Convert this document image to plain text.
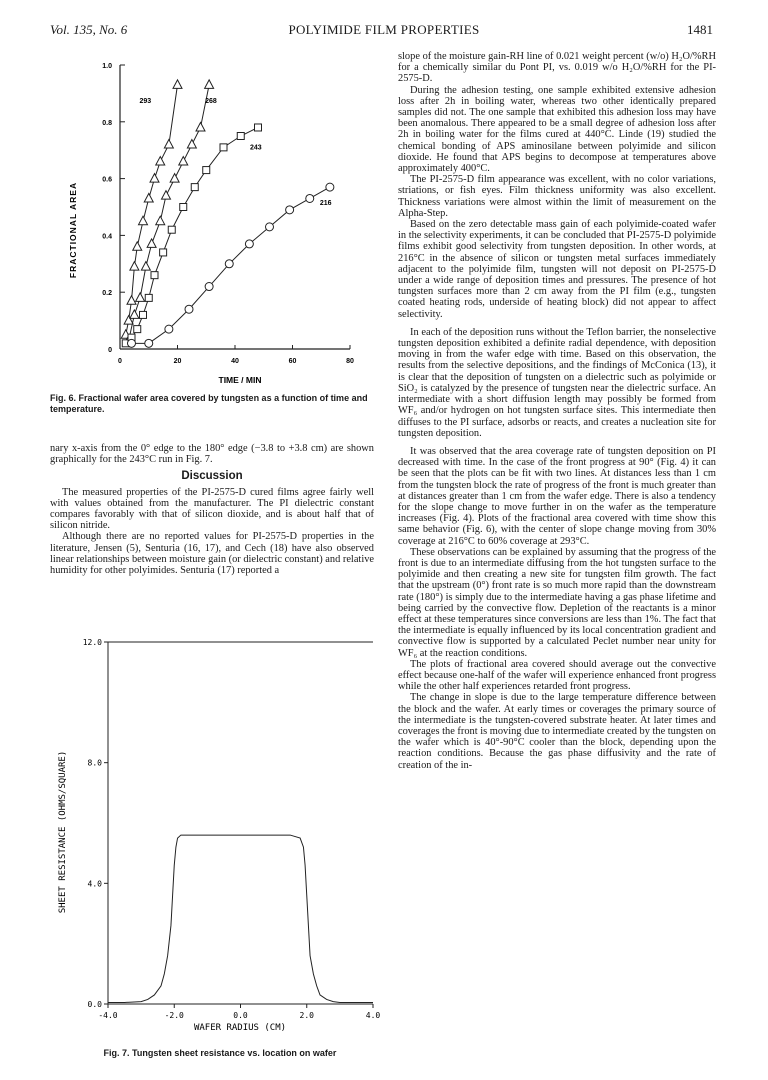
Vol. 135, No. 6	POLYIMIDE FILM PROPERTIES	1481
0
0.2
0.4
0.6
0.8
1.0
0	20	40	60	80
293	268
243
216
FRACTIONAL AREA
TIME / MIN
Fig. 6. Fractional wafer area covered by tungsten as a function of time and temperature.

nary x-axis from the 0° edge to the 180° edge (−3.8 to +3.8 cm) are shown graphically for the 243°C run in Fig. 7.

Discussion

The measured properties of the PI-2575-D cured films agree fairly well with values obtained from the manufacturer. The PI dielectric constant compares favorably with that of silicon dioxide, and is about half that of silicon nitride.

Although there are no reported values for PI-2575-D properties in the literature, Jensen (5), Senturia (16, 17), and Cech (18) have also observed linear relationships between moisture gain (or dielectric constant) and relative humidity for other polyimides. Senturia (17) reported a

0.0
4.0
8.0
12.0
-4.0	-2.0	0.0	2.0	4.0
SHEET RESISTANCE (OHMS/SQUARE)
WAFER RADIUS (CM)
Fig. 7. Tungsten sheet resistance vs. location on wafer

slope of the moisture gain-RH line of 0.021 weight percent (w/o) H₂O/%RH for a chemically similar du Pont PI, vs. 0.019 w/o H₂O/%RH for the PI-2575-D.

During the adhesion testing, one sample exhibited extensive adhesion loss after 2h in boiling water, whereas two other identically prepared samples did not. The one sample that exhibited this adhesion loss may have been anomalous. There appeared to be a small degree of adhesion loss after 2h in boiling water for the films cured at 440°C. Linde (19) studied the chemical bonding of APS aminosilane between polyimide and silicon dioxide. He found that APS begins to decompose at temperatures above approximately 400°C.

The PI-2575-D film appearance was excellent, with no color variations, striations, or fish eyes. Film thickness uniformity was also excellent. Thickness variations were almost within the limit of measurement on the Alpha-Step.

Based on the zero detectable mass gain of each polyimide-coated wafer in the selectivity experiments, it can be concluded that PI-2575-D polyimide films exhibit good selectivity from tungsten deposition. In other words, at 216°C in the absence of silicon or tungsten metal surfaces immediately adjacent to the polyimide film, tungsten will not deposit on PI-2575-D under a wide range of deposition times and pressures. The presence of hot tungsten surfaces more than 2 cm away from the PI film (e.g., tungsten coated heating rods, underside of heating block) did not appear to affect selectivity.

In each of the deposition runs without the Teflon barrier, the nonselective tungsten deposition exhibited a definite radial dependence, with deposition moving in from the wafer edge with time. Based on this observation, the results from the selective depositions, and the findings of McConica (13), it is clear that the deposition of tungsten on a dielectric such as polyimide or SiO₂ is catalyzed by the presence of tungsten near the dielectric surface. An intermediate with a short diffusion length may possibly be formed from WF₆ and/or hydrogen on hot tungsten surface sites. This intermediate then diffuses to the PI surface, adsorbs or reacts, and creates a nucleation site for tungsten deposition.

It was observed that the area coverage rate of tungsten deposition on PI decreased with time. In the case of the front progress at 90° (Fig. 4) it can be seen that the plots can be fit with two lines. At distances less than 1 cm from the tungsten block the rate of progress of the front is much greater than at distances greater than 1 cm from the wafer edge. There is also a tendency for the slope change to move further in on the wafer as the temperature increases (Fig. 4). Plots of the fractional area covered with time show this same behavior (Fig. 6), with the center of slope change moving from 30% coverage at 216°C to 60% coverage at 293°C.

These observations can be explained by assuming that the progress of the front is due to an intermediate diffusing from the hot tungsten surface to the polyimide and then creating a new site for tungsten film growth. The fact that the upstream (0°) front rate is so much more rapid than the downstream rate (180°) is simply due to the intermediate having a gas phase lifetime and being carried by the convective flow. Depletion of the reactants is a minor effect at these temperatures since conversions are less than 1%. The fact that the intermediate is equally influenced by its local concentration gradient and convective flow is supported by a calculated Peclet number near unity for WF₆ at the reaction conditions.

The plots of fractional area covered should average out the convective effect because one-half of the wafer will experience enhanced front progress while the other half experiences retarded front progress.

The change in slope is due to the large temperature difference between the block and the wafer. At early times or coverages the primary source of the intermediate is the tungsten-covered substrate heater. At later times and coverages the front is moving due to intermediate created by the tungsten on the wafer which is 40°-90°C cooler than the block, depending upon the reaction conditions. Because the gas phase diffusivity and the rate of creation of the in-
